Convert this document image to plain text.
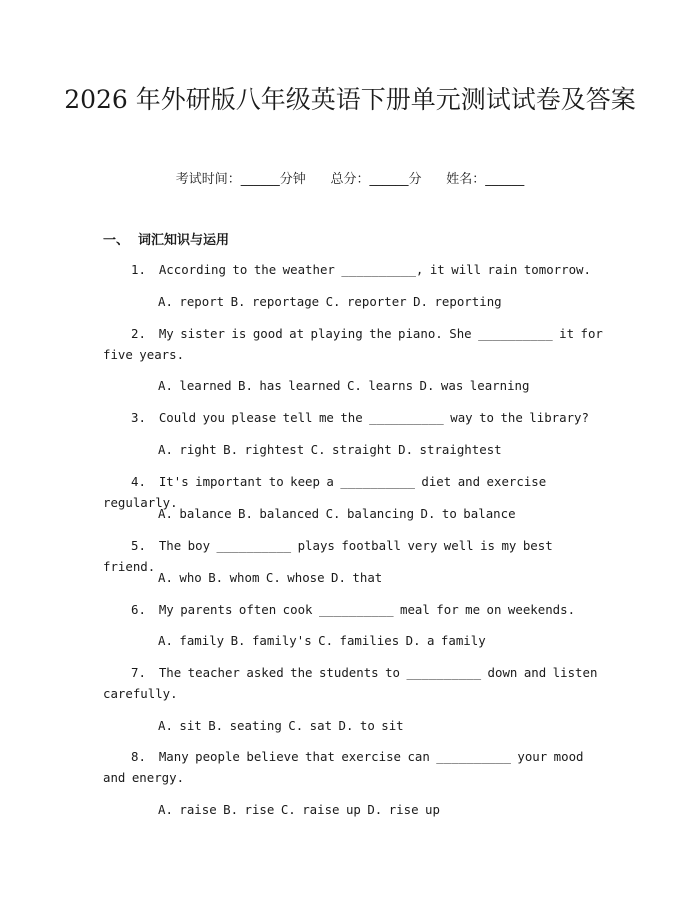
2026 年外研版八年级英语下册单元测试试卷及答案
考试时间：______分钟      总分：______分      姓名：______
一、  词汇知识与运用
1.  According to the weather __________, it will rain tomorrow.
A. report B. reportage C. reporter D. reporting
2.  My sister is good at playing the piano. She __________ it for five years.
A. learned B. has learned C. learns D. was learning
3.  Could you please tell me the __________ way to the library?
A. right B. rightest C. straight D. straightest
4.  It's important to keep a __________ diet and exercise regularly.
A. balance B. balanced C. balancing D. to balance
5.  The boy __________ plays football very well is my best friend.
A. who B. whom C. whose D. that
6.  My parents often cook __________ meal for me on weekends.
A. family B. family's C. families D. a family
7.  The teacher asked the students to __________ down and listen carefully.
A. sit B. seating C. sat D. to sit
8.  Many people believe that exercise can __________ your mood and energy.
A. raise B. rise C. raise up D. rise up
